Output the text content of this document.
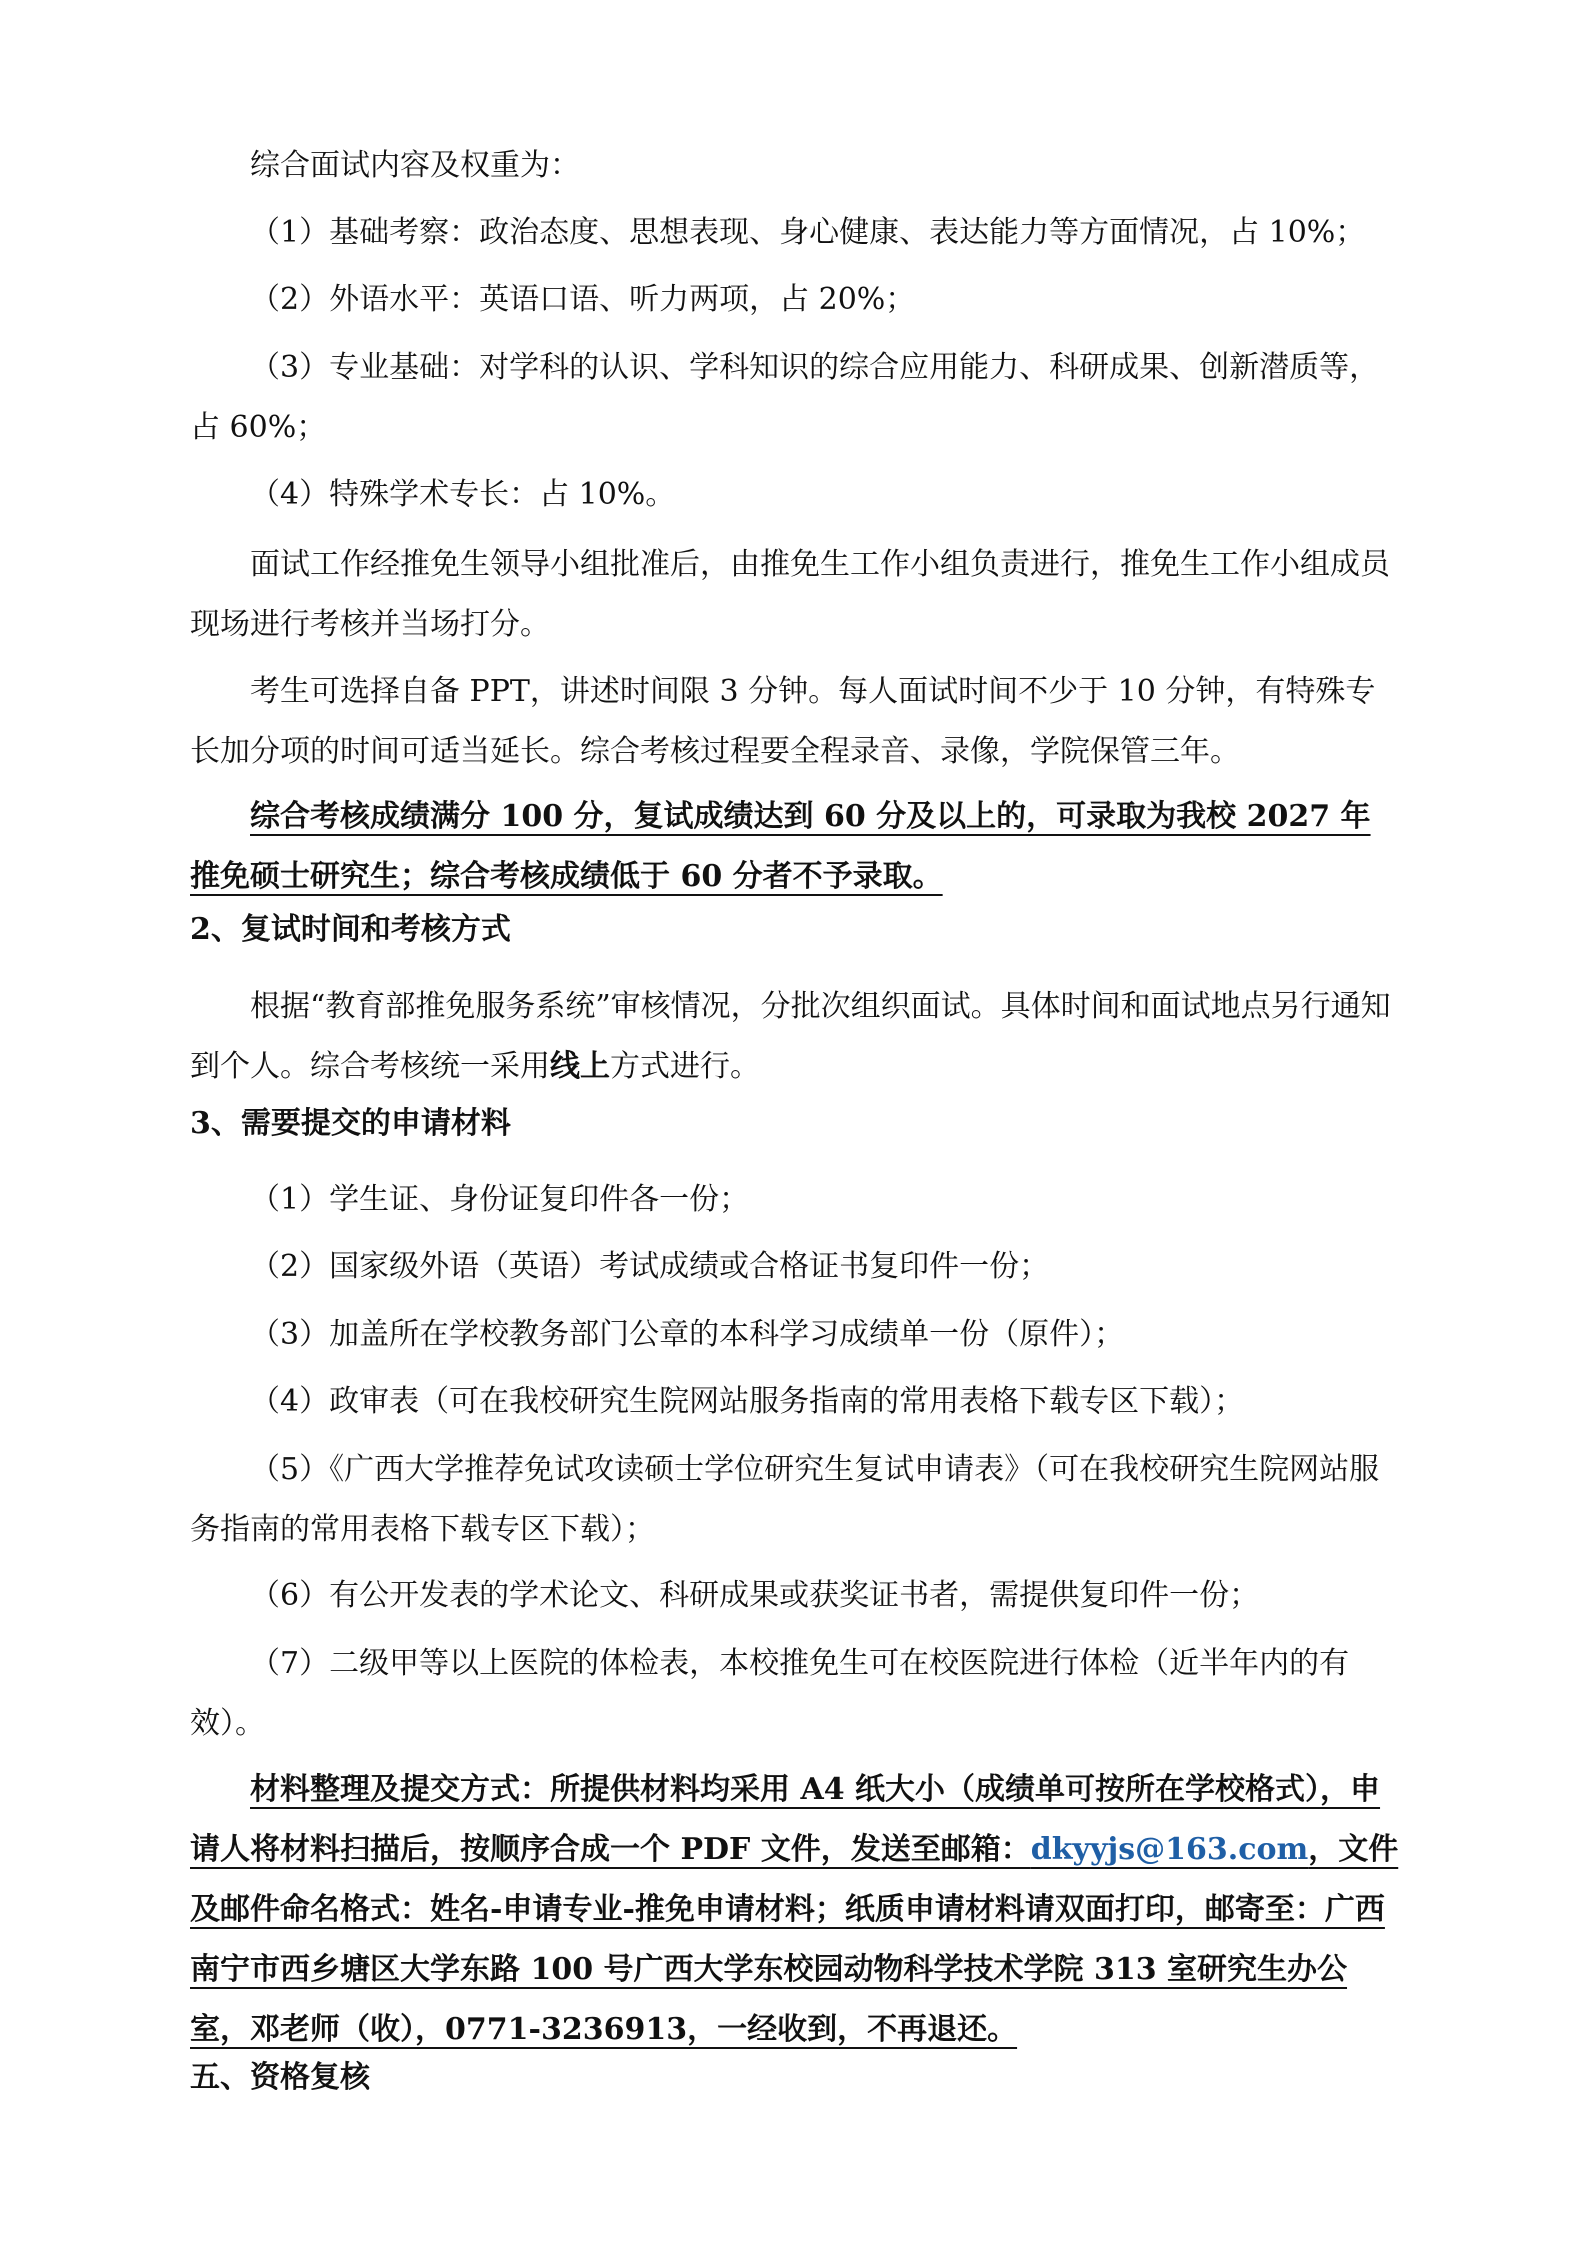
综合面试内容及权重为：

（1）基础考察：政治态度、思想表现、身心健康、表达能力等方面情况，占 10%；

（2）外语水平：英语口语、听力两项，占 20%；

（3）专业基础：对学科的认识、学科知识的综合应用能力、科研成果、创新潜质等，占 60%；

（4）特殊学术专长：占 10%。

面试工作经推免生领导小组批准后，由推免生工作小组负责进行，推免生工作小组成员现场进行考核并当场打分。

考生可选择自备 PPT，讲述时间限 3 分钟。每人面试时间不少于 10 分钟，有特殊专长加分项的时间可适当延长。综合考核过程要全程录音、录像，学院保管三年。

综合考核成绩满分 100 分，复试成绩达到 60 分及以上的，可录取为我校 2027 年推免硕士研究生；综合考核成绩低于 60 分者不予录取。

2、复试时间和考核方式

根据“教育部推免服务系统”审核情况，分批次组织面试。具体时间和面试地点另行通知到个人。综合考核统一采用线上方式进行。

3、需要提交的申请材料

（1）学生证、身份证复印件各一份；

（2）国家级外语（英语）考试成绩或合格证书复印件一份；

（3）加盖所在学校教务部门公章的本科学习成绩单一份（原件）；

（4）政审表（可在我校研究生院网站服务指南的常用表格下载专区下载）；

（5）《广西大学推荐免试攻读硕士学位研究生复试申请表》（可在我校研究生院网站服务指南的常用表格下载专区下载）；

（6）有公开发表的学术论文、科研成果或获奖证书者，需提供复印件一份；

（7）二级甲等以上医院的体检表，本校推免生可在校医院进行体检（近半年内的有效）。

材料整理及提交方式：所提供材料均采用 A4 纸大小（成绩单可按所在学校格式），申请人将材料扫描后，按顺序合成一个 PDF 文件，发送至邮箱：dkyyjs@163.com，文件及邮件命名格式：姓名-申请专业-推免申请材料；纸质申请材料请双面打印，邮寄至：广西南宁市西乡塘区大学东路 100 号广西大学东校园动物科学技术学院 313 室研究生办公室，邓老师（收），0771-3236913，一经收到，不再退还。

五、资格复核
